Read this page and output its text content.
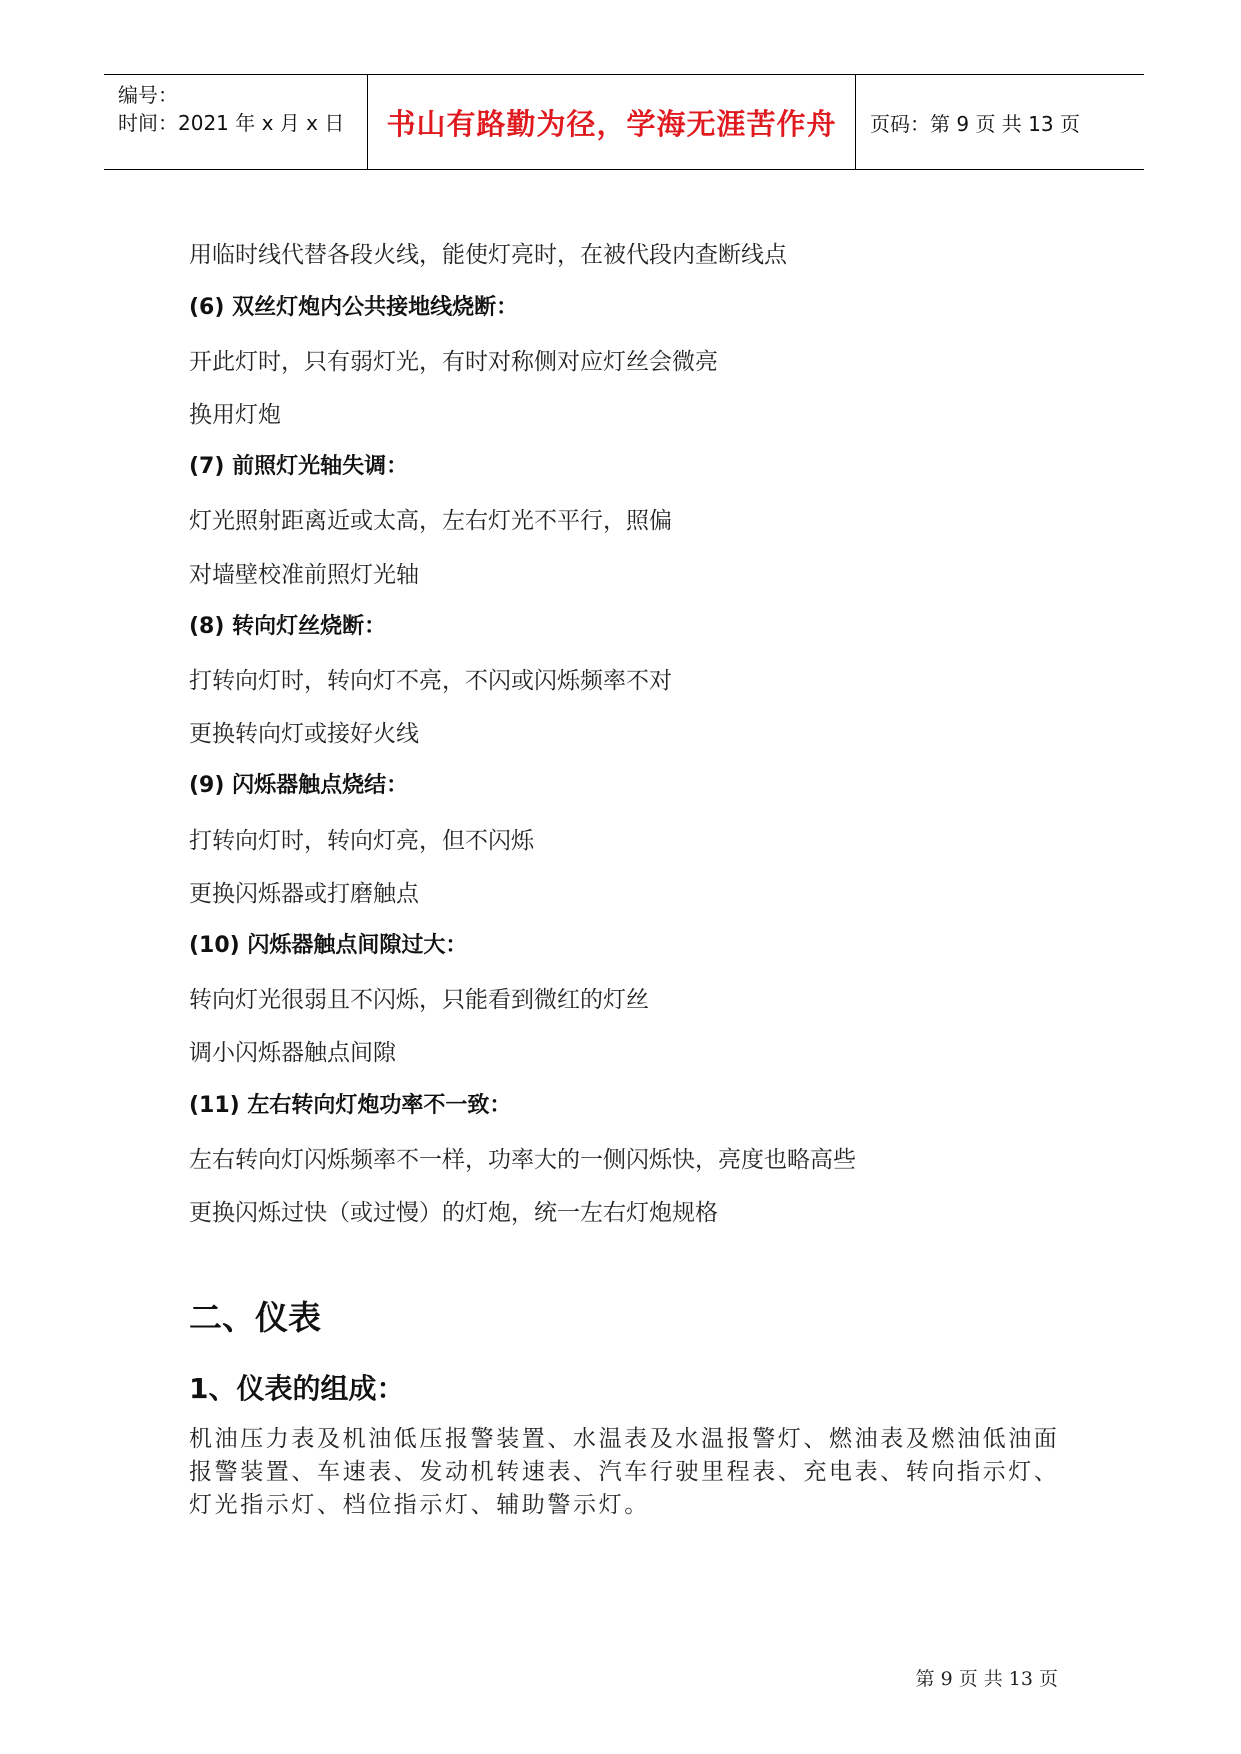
编号：
时间：2021 年 x 月 x 日 书山有路勤为径，学海无涯苦作舟 页码：第 9 页 共 13 页
用临时线代替各段火线，能使灯亮时，在被代段内查断线点
(6) 双丝灯炮内公共接地线烧断：
开此灯时，只有弱灯光，有时对称侧对应灯丝会微亮
换用灯炮
(7) 前照灯光轴失调：
灯光照射距离近或太高，左右灯光不平行，照偏
对墙壁校准前照灯光轴
(8) 转向灯丝烧断：
打转向灯时，转向灯不亮，不闪或闪烁频率不对
更换转向灯或接好火线
(9) 闪烁器触点烧结：
打转向灯时，转向灯亮，但不闪烁
更换闪烁器或打磨触点
(10) 闪烁器触点间隙过大：
转向灯光很弱且不闪烁，只能看到微红的灯丝
调小闪烁器触点间隙
(11) 左右转向灯炮功率不一致：
左右转向灯闪烁频率不一样，功率大的一侧闪烁快，亮度也略高些
更换闪烁过快（或过慢）的灯炮，统一左右灯炮规格
二、仪表
1、仪表的组成：
机油压力表及机油低压报警装置、水温表及水温报警灯、燃油表及燃油低油面报警装置、车速表、发动机转速表、汽车行驶里程表、充电表、转向指示灯、灯光指示灯、档位指示灯、辅助警示灯。
第 9 页 共 13 页
